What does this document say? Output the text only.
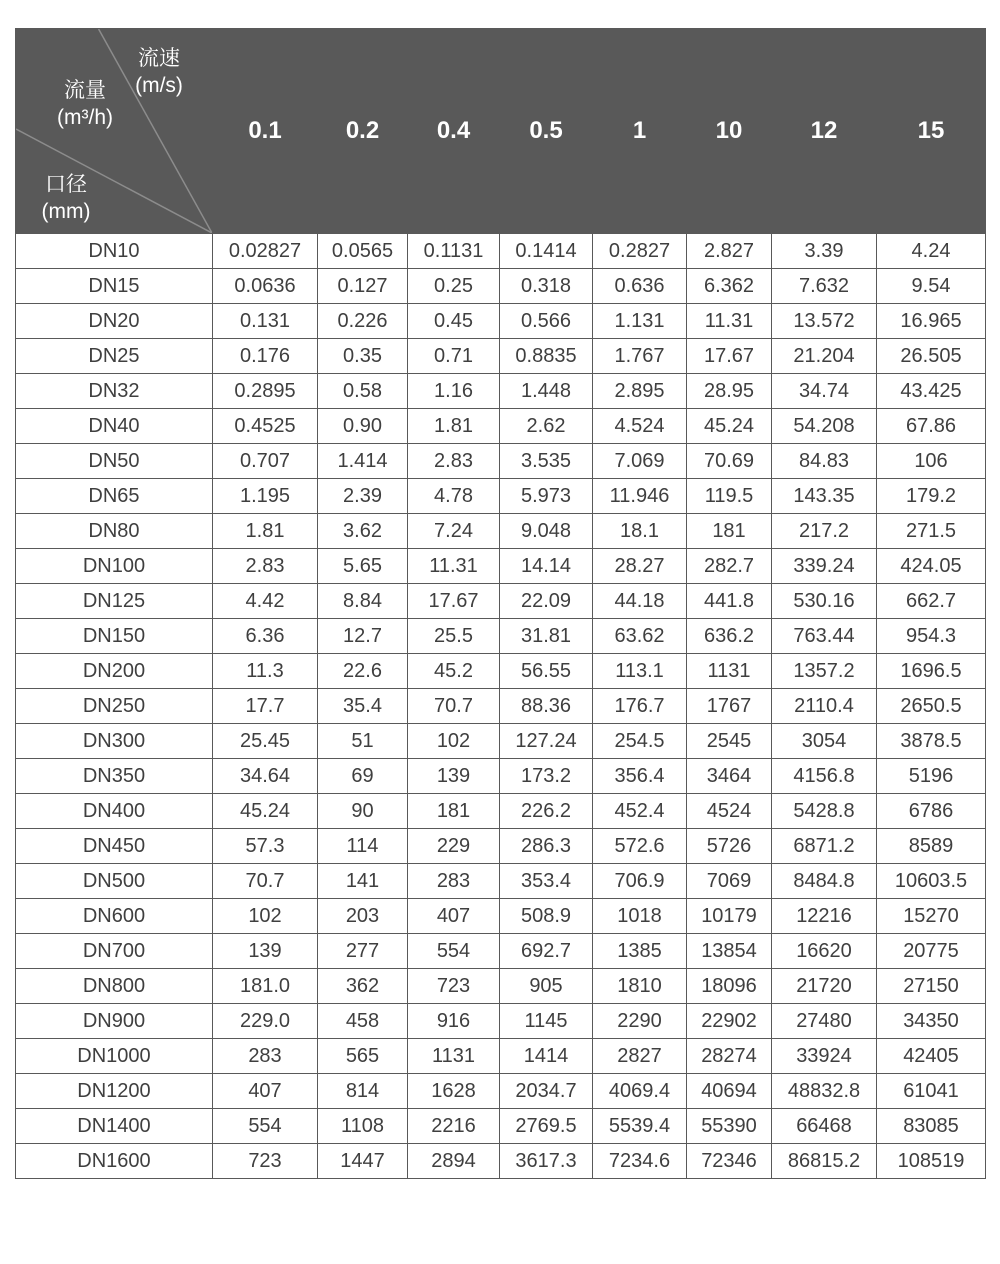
流速
(m/s)
流量
(m³/h)
口径
(mm)
	0.1	0.2	0.4	0.5	1	10	12	15
DN10	0.02827	0.0565	0.1131	0.1414	0.2827	2.827	3.39	4.24
DN15	0.0636	0.127	0.25	0.318	0.636	6.362	7.632	9.54
DN20	0.131	0.226	0.45	0.566	1.131	11.31	13.572	16.965
DN25	0.176	0.35	0.71	0.8835	1.767	17.67	21.204	26.505
DN32	0.2895	0.58	1.16	1.448	2.895	28.95	34.74	43.425
DN40	0.4525	0.90	1.81	2.62	4.524	45.24	54.208	67.86
DN50	0.707	1.414	2.83	3.535	7.069	70.69	84.83	106
DN65	1.195	2.39	4.78	5.973	11.946	119.5	143.35	179.2
DN80	1.81	3.62	7.24	9.048	18.1	181	217.2	271.5
DN100	2.83	5.65	11.31	14.14	28.27	282.7	339.24	424.05
DN125	4.42	8.84	17.67	22.09	44.18	441.8	530.16	662.7
DN150	6.36	12.7	25.5	31.81	63.62	636.2	763.44	954.3
DN200	11.3	22.6	45.2	56.55	113.1	1131	1357.2	1696.5
DN250	17.7	35.4	70.7	88.36	176.7	1767	2110.4	2650.5
DN300	25.45	51	102	127.24	254.5	2545	3054	3878.5
DN350	34.64	69	139	173.2	356.4	3464	4156.8	5196
DN400	45.24	90	181	226.2	452.4	4524	5428.8	6786
DN450	57.3	114	229	286.3	572.6	5726	6871.2	8589
DN500	70.7	141	283	353.4	706.9	7069	8484.8	10603.5
DN600	102	203	407	508.9	1018	10179	12216	15270
DN700	139	277	554	692.7	1385	13854	16620	20775
DN800	181.0	362	723	905	1810	18096	21720	27150
DN900	229.0	458	916	1145	2290	22902	27480	34350
DN1000	283	565	1131	1414	2827	28274	33924	42405
DN1200	407	814	1628	2034.7	4069.4	40694	48832.8	61041
DN1400	554	1108	2216	2769.5	5539.4	55390	66468	83085
DN1600	723	1447	2894	3617.3	7234.6	72346	86815.2	108519
